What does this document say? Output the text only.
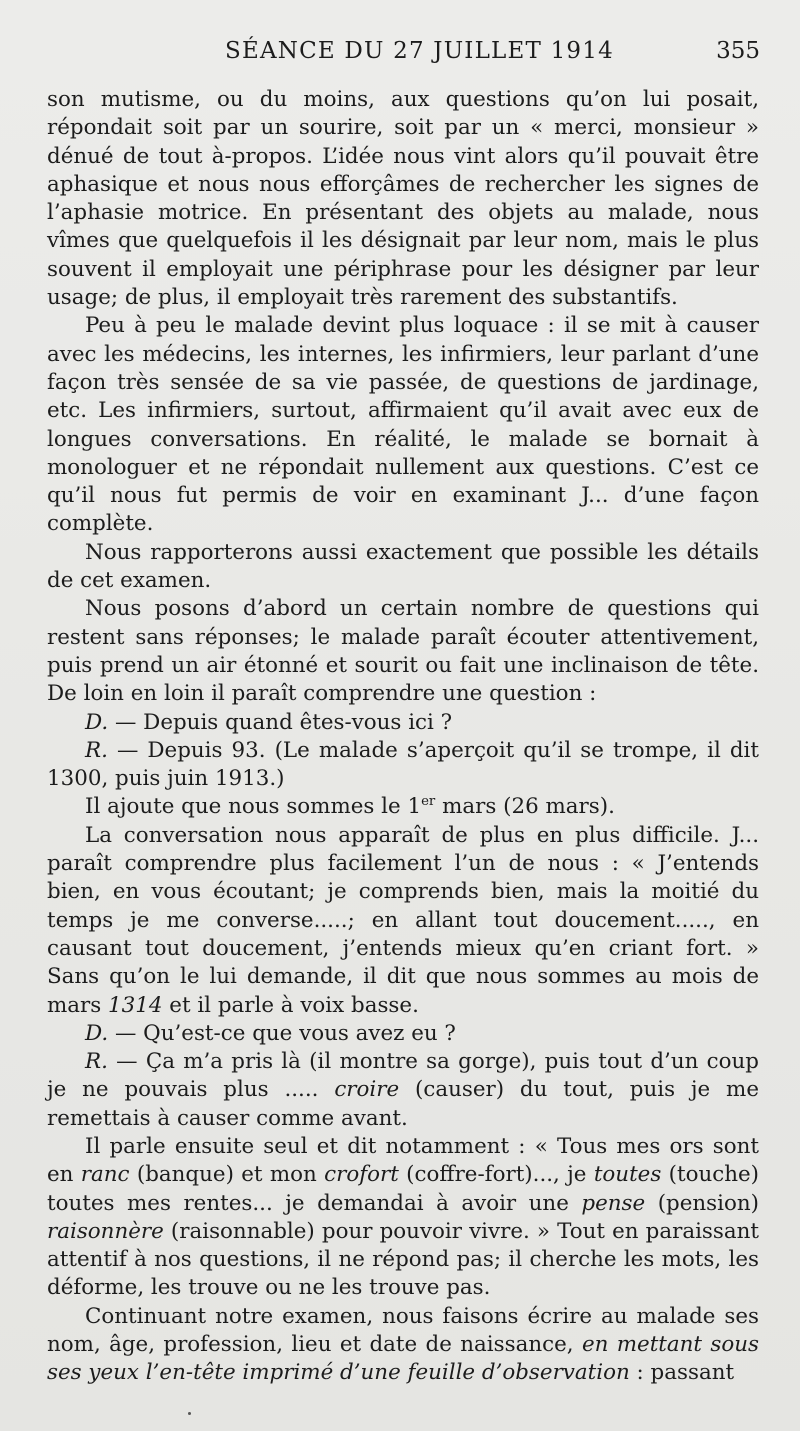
SÉANCE DU 27 JUILLET 1914	355

son mutisme, ou du moins, aux questions qu’on lui posait, répondait soit par un sourire, soit par un « merci, monsieur » dénué de tout à-propos. L’idée nous vint alors qu’il pouvait être aphasique et nous nous efforçâmes de rechercher les signes de l’aphasie motrice. En présentant des objets au malade, nous vîmes que quelquefois il les désignait par leur nom, mais le plus souvent il employait une périphrase pour les désigner par leur usage; de plus, il employait très rarement des substantifs.

Peu à peu le malade devint plus loquace : il se mit à causer avec les médecins, les internes, les infirmiers, leur parlant d’une façon très sensée de sa vie passée, de questions de jardinage, etc. Les infirmiers, surtout, affirmaient qu’il avait avec eux de longues conversations. En réalité, le malade se bornait à monologuer et ne répondait nullement aux questions. C’est ce qu’il nous fut permis de voir en examinant J... d’une façon complète.

Nous rapporterons aussi exactement que possible les détails de cet examen.

Nous posons d’abord un certain nombre de questions qui restent sans réponses; le malade paraît écouter attentivement, puis prend un air étonné et sourit ou fait une inclinaison de tête. De loin en loin il paraît comprendre une question :

D. — Depuis quand êtes-vous ici ?

R. — Depuis 93. (Le malade s’aperçoit qu’il se trompe, il dit 1300, puis juin 1913.)

Il ajoute que nous sommes le 1er mars (26 mars).

La conversation nous apparaît de plus en plus difficile. J... paraît comprendre plus facilement l’un de nous : « J’entends bien, en vous écoutant; je comprends bien, mais la moitié du temps je me converse.....; en allant tout doucement....., en causant tout doucement, j’entends mieux qu’en criant fort. » Sans qu’on le lui demande, il dit que nous sommes au mois de mars 1314 et il parle à voix basse.

D. — Qu’est-ce que vous avez eu ?

R. — Ça m’a pris là (il montre sa gorge), puis tout d’un coup je ne pouvais plus ..... croire (causer) du tout, puis je me remettais à causer comme avant.

Il parle ensuite seul et dit notamment : « Tous mes ors sont en ranc (banque) et mon crofort (coffre-fort)..., je toutes (touche) toutes mes rentes... je demandai à avoir une pense (pension) raisonnère (raisonnable) pour pouvoir vivre. » Tout en paraissant attentif à nos questions, il ne répond pas; il cherche les mots, les déforme, les trouve ou ne les trouve pas.

Continuant notre examen, nous faisons écrire au malade ses nom, âge, profession, lieu et date de naissance, en mettant sous ses yeux l’en-tête imprimé d’une feuille d’observation : passant
